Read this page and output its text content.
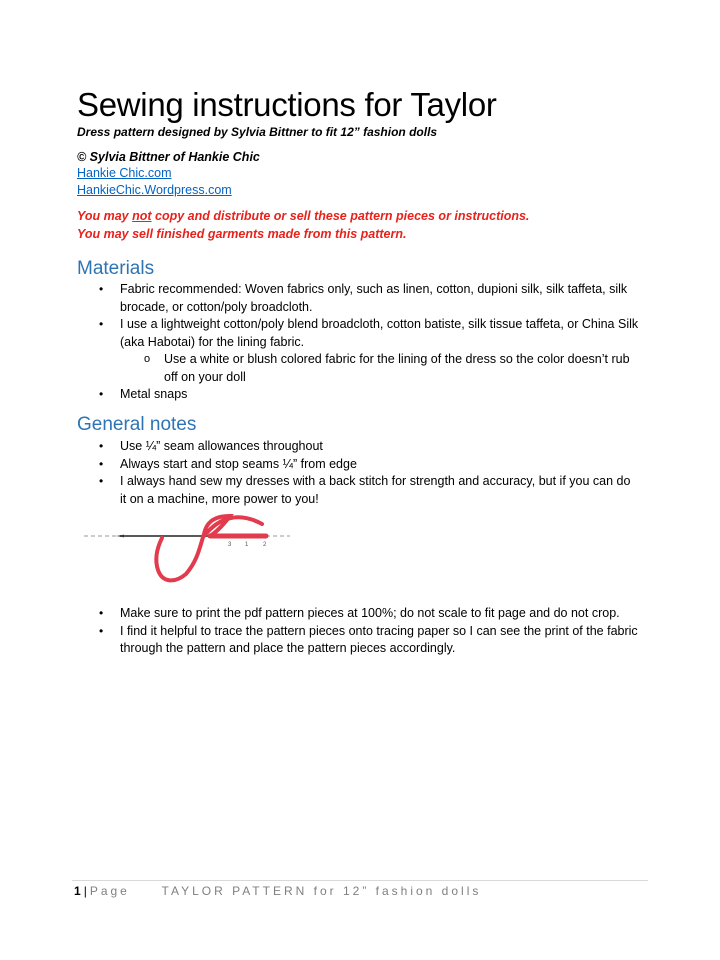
Sewing instructions for Taylor
Dress pattern designed by Sylvia Bittner to fit 12” fashion dolls
© Sylvia Bittner of Hankie Chic
Hankie Chic.com
HankieChic.Wordpress.com
You may not copy and distribute or sell these pattern pieces or instructions.
You may sell finished garments made from this pattern.
Materials
• Fabric recommended: Woven fabrics only, such as linen, cotton, dupioni silk, silk taffeta, silk brocade, or cotton/poly broadcloth.
• I use a lightweight cotton/poly blend broadcloth, cotton batiste, silk tissue taffeta, or China Silk (aka Habotai) for the lining fabric.
o Use a white or blush colored fabric for the lining of the dress so the color doesn’t rub off on your doll
• Metal snaps
General notes
• Use ¼” seam allowances throughout
• Always start and stop seams ¼” from edge
• I always hand sew my dresses with a back stitch for strength and accuracy, but if you can do it on a machine, more power to you!
3 1 2
• Make sure to print the pdf pattern pieces at 100%; do not scale to fit page and do not crop.
• I find it helpful to trace the pattern pieces onto tracing paper so I can see the print of the fabric through the pattern and place the pattern pieces accordingly.
1 | Page	TAYLOR PATTERN for 12” fashion dolls
